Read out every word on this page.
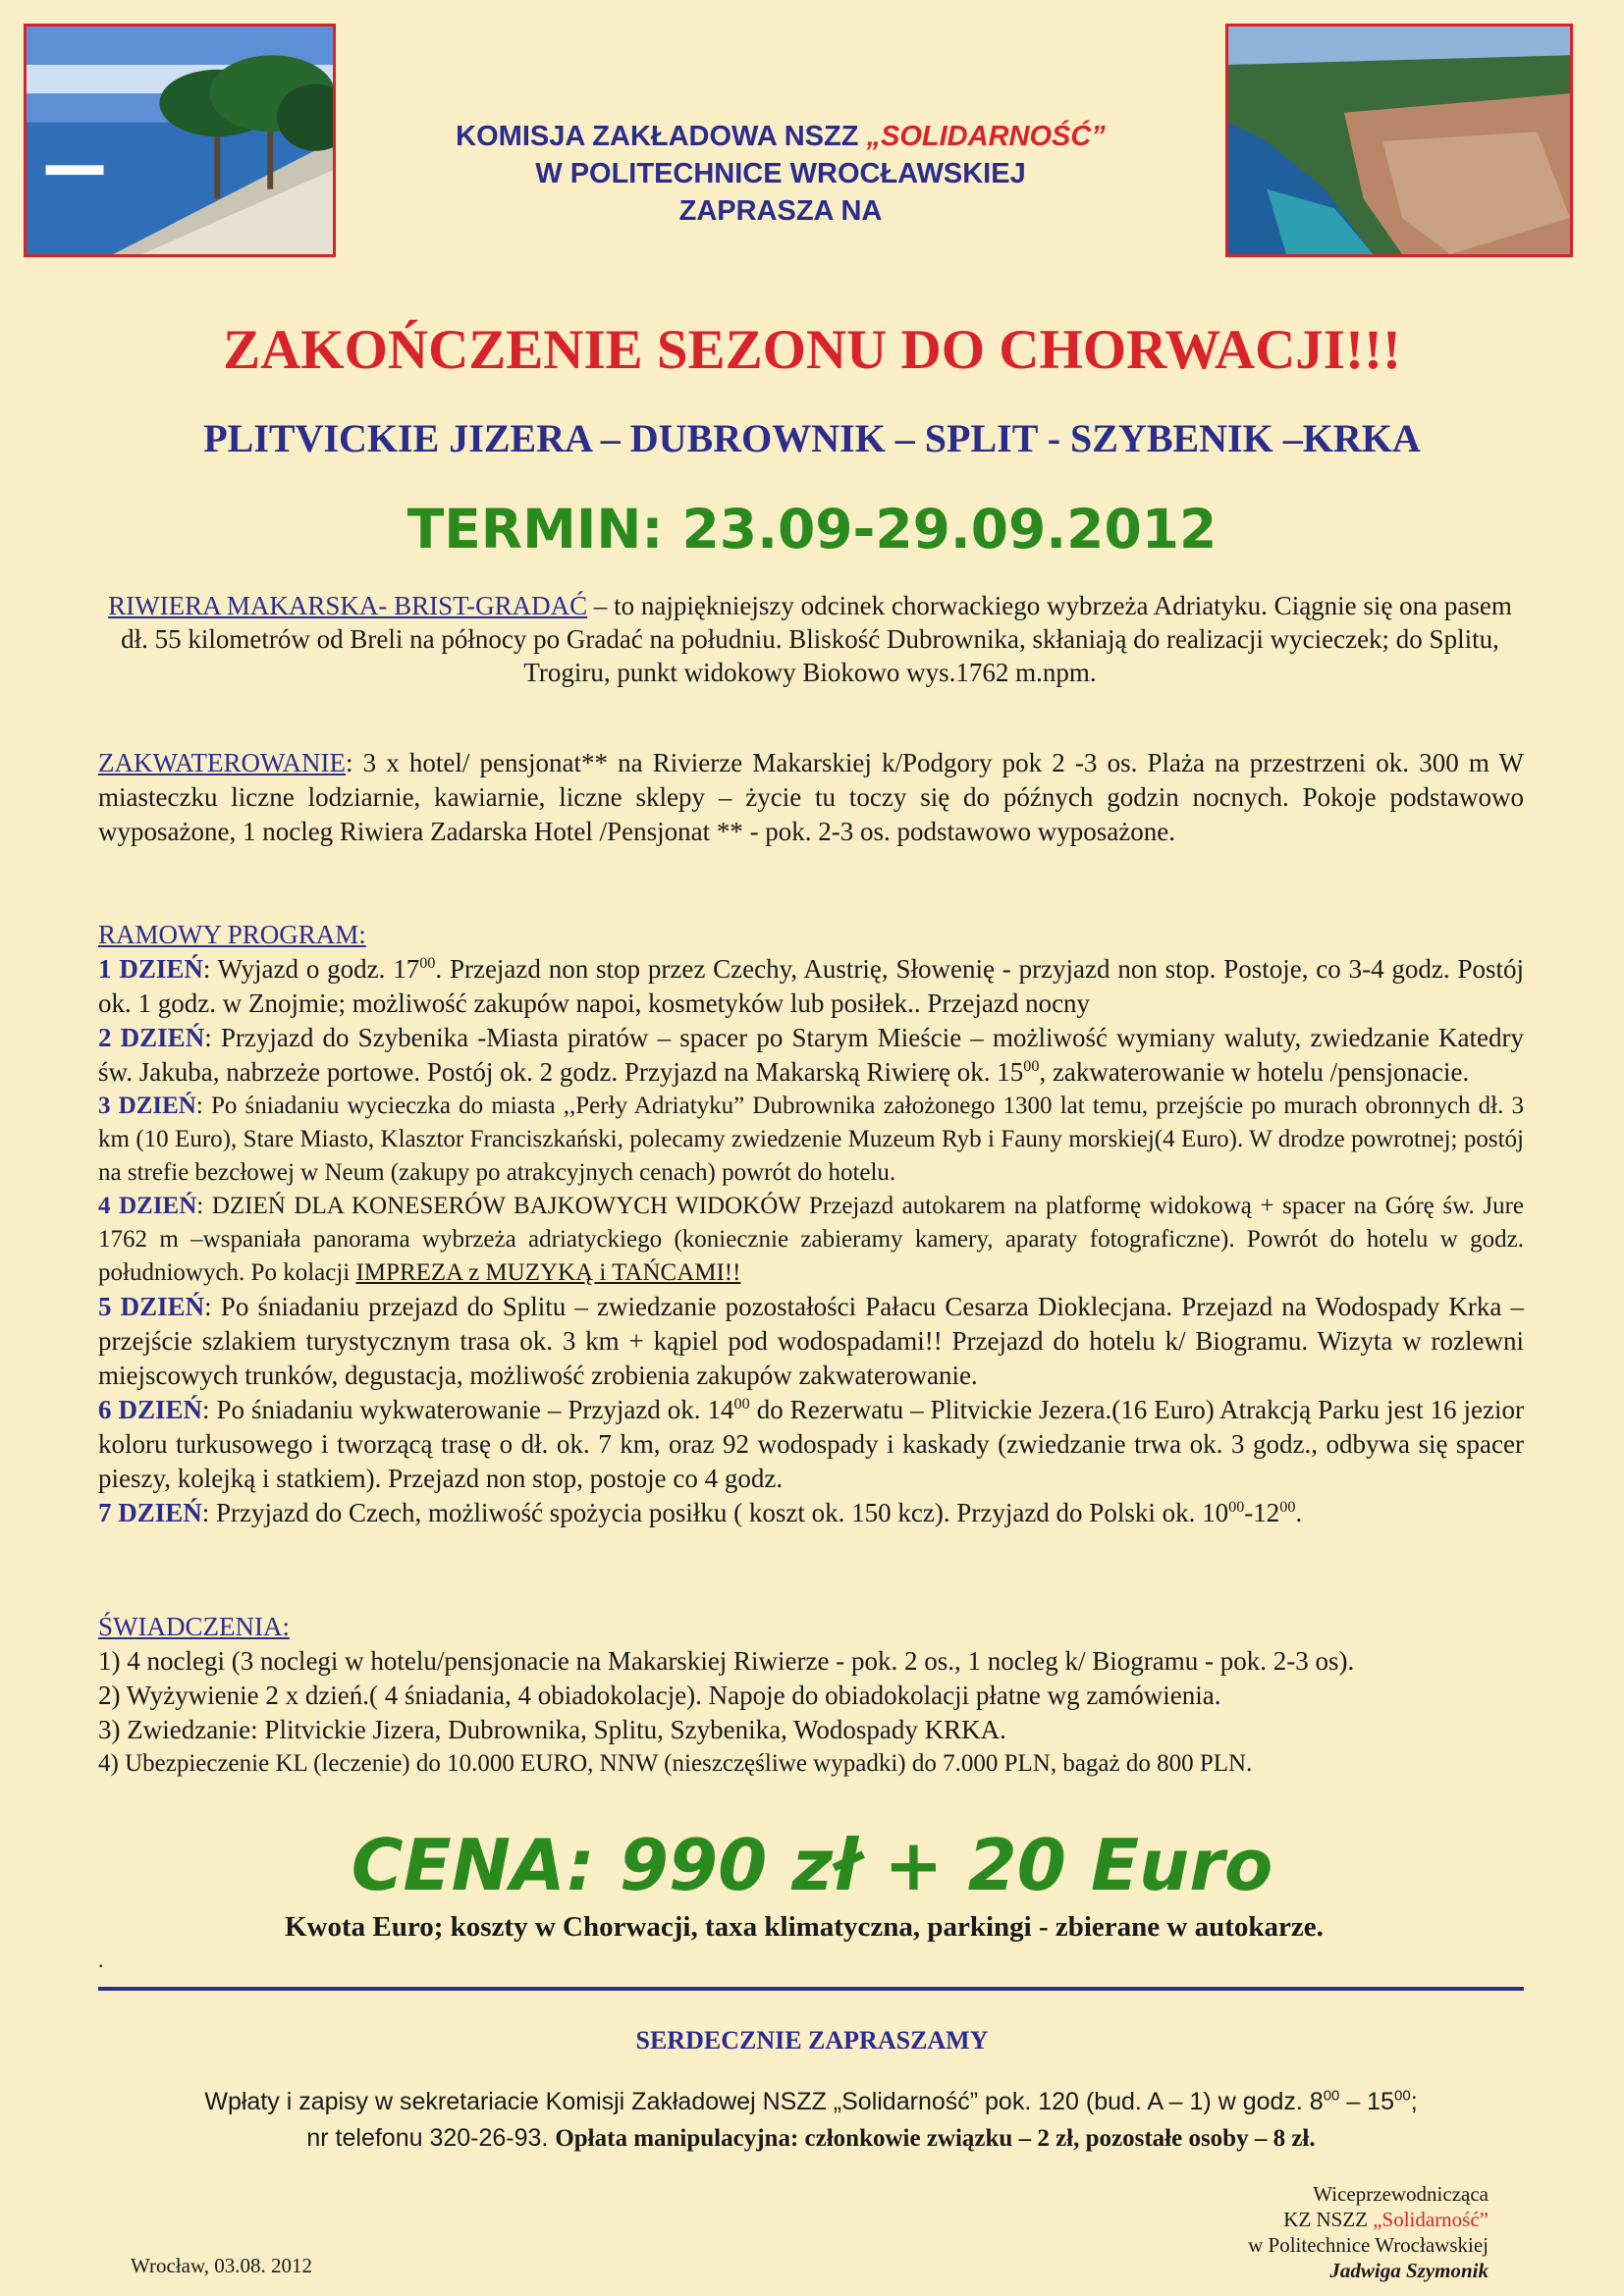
KOMISJA ZAKŁADOWA NSZZ „SOLIDARNOŚĆ”
W POLITECHNICE WROCŁAWSKIEJ
ZAPRASZA NA
ZAKOŃCZENIE SEZONU DO CHORWACJI!!!
PLITVICKIE JIZERA – DUBROWNIK – SPLIT - SZYBENIK –KRKA
TERMIN: 23.09-29.09.2012
RIWIERA MAKARSKA- BRIST-GRADAĆ – to najpiękniejszy odcinek chorwackiego wybrzeża Adriatyku. Ciągnie się ona pasem dł. 55 kilometrów od Breli na północy po Gradać na południu. Bliskość Dubrownika, skłaniają do realizacji wycieczek; do Splitu, Trogiru, punkt widokowy Biokowo wys.1762 m.npm.
ZAKWATEROWANIE: 3 x hotel/ pensjonat** na Rivierze Makarskiej k/Podgory pok 2 -3 os. Plaża na przestrzeni ok. 300 m W miasteczku liczne lodziarnie, kawiarnie, liczne sklepy – życie tu toczy się do późnych godzin nocnych. Pokoje podstawowo wyposażone, 1 nocleg Riwiera Zadarska Hotel /Pensjonat ** - pok. 2-3 os. podstawowo wyposażone.

RAMOWY PROGRAM:

1 DZIEŃ: Wyjazd o godz. $17^{00}$. Przejazd non stop przez Czechy, Austrię, Słowenię - przyjazd non stop. Postoje, co 3-4 godz. Postój ok. 1 godz. w Znojmie; możliwość zakupów napoi, kosmetyków lub posiłek.. Przejazd nocny

2 DZIEŃ: Przyjazd do Szybenika -Miasta piratów – spacer po Starym Mieście – możliwość wymiany waluty, zwiedzanie Katedry św. Jakuba, nabrzeże portowe. Postój ok. 2 godz. Przyjazd na Makarską Riwierę ok. $15^{00}$, zakwaterowanie w hotelu /pensjonacie.

3 DZIEŃ: Po śniadaniu wycieczka do miasta ,,Perły Adriatyku” Dubrownika założonego 1300 lat temu, przejście po murach obronnych dł. 3 km (10 Euro), Stare Miasto, Klasztor Franciszkański, polecamy zwiedzenie Muzeum Ryb i Fauny morskiej(4 Euro). W drodze powrotnej; postój na strefie bezcłowej w Neum (zakupy po atrakcyjnych cenach) powrót do hotelu.

4 DZIEŃ: DZIEŃ DLA KONESERÓW BAJKOWYCH WIDOKÓW Przejazd autokarem na platformę widokową + spacer na Górę św. Jure 1762 m –wspaniała panorama wybrzeża adriatyckiego (koniecznie zabieramy kamery, aparaty fotograficzne). Powrót do hotelu w godz. południowych. Po kolacji IMPREZA z MUZYKĄ i TAŃCAMI!!

5 DZIEŃ: Po śniadaniu przejazd do Splitu – zwiedzanie pozostałości Pałacu Cesarza Dioklecjana. Przejazd na Wodospady Krka –przejście szlakiem turystycznym trasa ok. 3 km + kąpiel pod wodospadami!! Przejazd do hotelu k/ Biogramu. Wizyta w rozlewni miejscowych trunków, degustacja, możliwość zrobienia zakupów zakwaterowanie.

6 DZIEŃ: Po śniadaniu wykwaterowanie – Przyjazd ok. $14^{00}$ do Rezerwatu – Plitvickie Jezera.(16 Euro) Atrakcją Parku jest 16 jezior koloru turkusowego i tworzącą trasę o dł. ok. 7 km, oraz 92 wodospady i kaskady (zwiedzanie trwa ok. 3 godz., odbywa się spacer pieszy, kolejką i statkiem). Przejazd non stop, postoje co 4 godz.

7 DZIEŃ: Przyjazd do Czech, możliwość spożycia posiłku ( koszt ok. 150 kcz). Przyjazd do Polski ok. $10^{00}-12^{00}$.

ŚWIADCZENIA:

1) 4 noclegi (3 noclegi w hotelu/pensjonacie na Makarskiej Riwierze - pok. 2 os., 1 nocleg k/ Biogramu - pok. 2-3 os).

2) Wyżywienie 2 x dzień.( 4 śniadania, 4 obiadokolacje). Napoje do obiadokolacji płatne wg zamówienia.

3) Zwiedzanie: Plitvickie Jizera, Dubrownika, Splitu, Szybenika, Wodospady KRKA.

4) Ubezpieczenie KL (leczenie) do 10.000 EURO, NNW (nieszczęśliwe wypadki) do 7.000 PLN, bagaż do 800 PLN.

CENA: 990 zł + 20 Euro
Kwota Euro; koszty w Chorwacji, taxa klimatyczna, parkingi - zbierane w autokarze.
.
SERDECZNIE ZAPRASZAMY
Wpłaty i zapisy w sekretariacie Komisji Zakładowej NSZZ „Solidarność” pok. 120 (bud. A – 1) w godz. $8^{00} - 15^{00}$;
nr telefonu 320-26-93. Opłata manipulacyjna: członkowie związku – 2 zł, pozostałe osoby – 8 zł.
Wiceprzewodnicząca
KZ NSZZ „Solidarność”
w Politechnice Wrocławskiej
Jadwiga Szymonik
Wrocław, 03.08. 2012
